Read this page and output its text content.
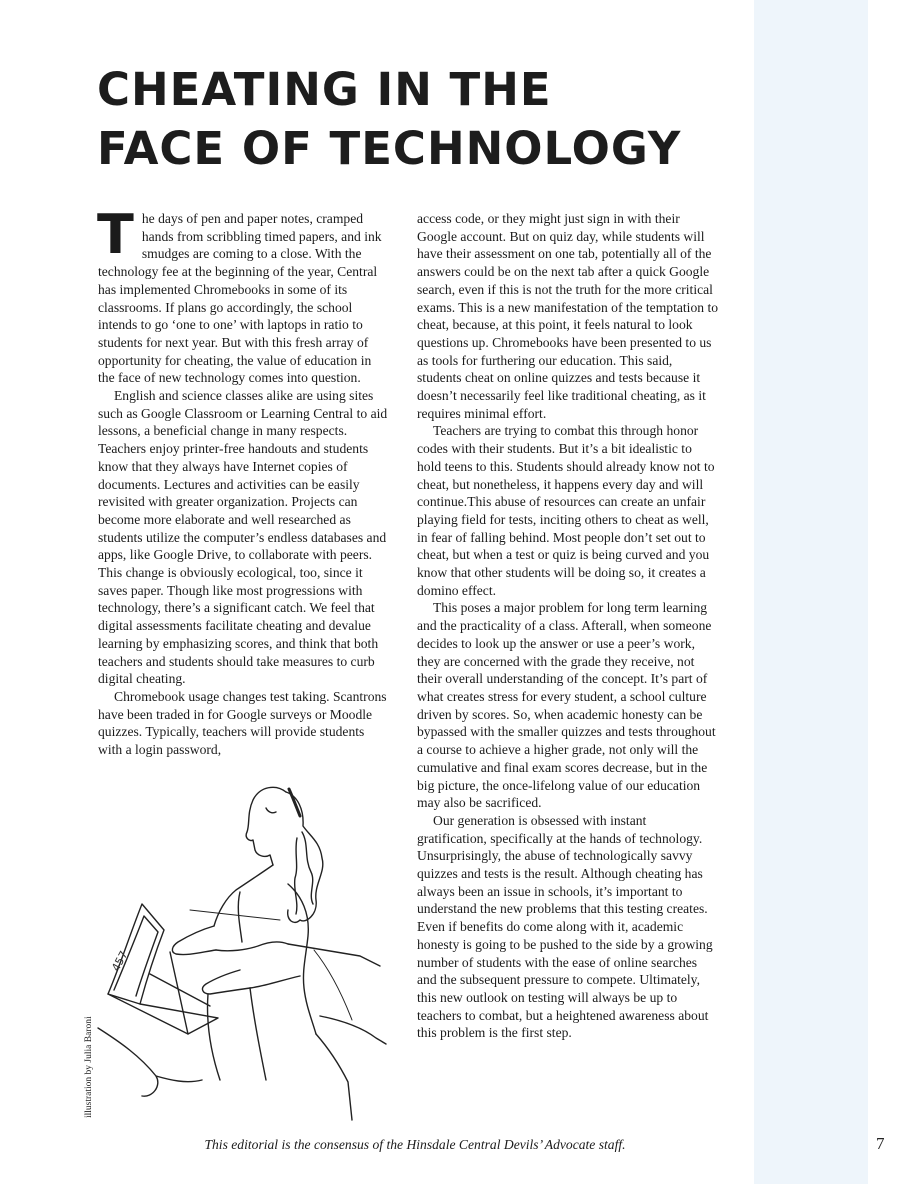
CHEATING IN THE
FACE OF TECHNOLOGY

The days of pen and paper notes, cramped hands from scribbling timed papers, and ink smudges are coming to a close. With the technology fee at the beginning of the year, Central has implemented Chromebooks in some of its classrooms. If plans go accordingly, the school intends to go ‘one to one’ with laptops in ratio to students for next year. But with this fresh array of opportunity for cheating, the value of education in the face of new technology comes into question.

English and science classes alike are using sites such as Google Classroom or Learning Central to aid lessons, a beneficial change in many respects. Teachers enjoy printer-free handouts and students know that they always have Internet copies of documents. Lectures and activities can be easily revisited with greater organization. Projects can become more elaborate and well researched as students utilize the computer’s endless databases and apps, like Google Drive, to collaborate with peers. This change is obviously ecological, too, since it saves paper. Though like most progressions with technology, there’s a significant catch. We feel that digital assessments facilitate cheating and devalue learning by emphasizing scores, and think that both teachers and students should take measures to curb digital cheating.

Chromebook usage changes test taking. Scantrons have been traded in for Google surveys or Moodle quizzes. Typically, teachers will provide students with a login password,

access code, or they might just sign in with their Google account. But on quiz day, while students will have their assessment on one tab, potentially all of the answers could be on the next tab after a quick Google search, even if this is not the truth for the more critical exams. This is a new manifestation of the temptation to cheat, because, at this point, it feels natural to look questions up. Chromebooks have been presented to us as tools for furthering our education. This said, students cheat on online quizzes and tests because it doesn’t necessarily feel like traditional cheating, as it requires minimal effort.

Teachers are trying to combat this through honor codes with their students. But it’s a bit idealistic to hold teens to this. Students should already know not to cheat, but nonetheless, it happens every day and will continue.This abuse of resources can create an unfair playing field for tests, inciting others to cheat as well, in fear of falling behind. Most people don’t set out to cheat, but when a test or quiz is being curved and you know that other students will be doing so, it creates a domino effect.

This poses a major problem for long term learning and the practicality of a class. Afterall, when someone decides to look up the answer or use a peer’s work, they are concerned with the grade they receive, not their overall understanding of the concept. It’s part of what creates stress for every student, a school culture driven by scores. So, when academic honesty can be bypassed with the smaller quizzes and tests throughout a course to achieve a higher grade, not only will the cumulative and final exam scores decrease, but in the big picture, the once-lifelong value of our education may also be sacrificed.

Our generation is obsessed with instant gratification, specifically at the hands of technology. Unsurprisingly, the abuse of technologically savvy quizzes and tests is the result. Although cheating has always been an issue in schools, it’s important to understand the new problems that this testing creates. Even if benefits do come along with it, academic honesty is going to be pushed to the side by a growing number of students with the ease of online searches and the subsequent pressure to compete. Ultimately, this new outlook on testing will always be up to teachers to combat, but a heightened awareness about this problem is the first step.

457
illustration by Julia Baroni
This editorial is the consensus of the Hinsdale Central Devils’ Advocate staff.	7
